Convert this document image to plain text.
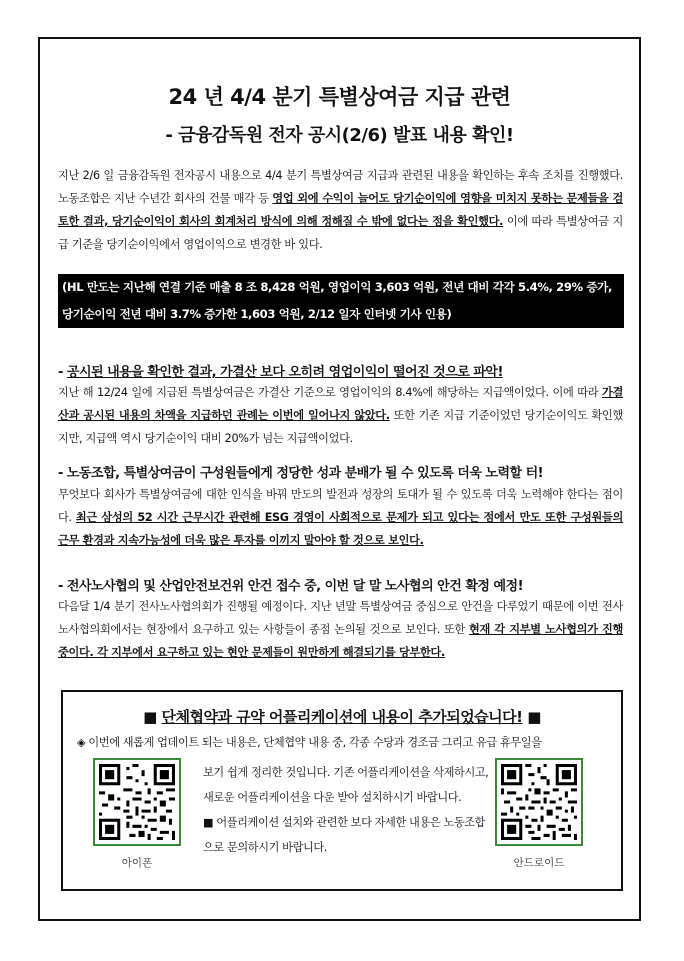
24 년 4/4 분기 특별상여금 지급 관련
- 금융감독원 전자 공시(2/6) 발표 내용 확인!
지난 2/6 일 금융감독원 전자공시 내용으로 4/4 분기 특별상여금 지급과 관련된 내용을 확인하는 후속 조치를 진행했다. 노동조합은 지난 수년간 회사의 건물 매각 등 영업 외에 수익이 늘어도 당기순이익에 영향을 미치지 못하는 문제들을 검토한 결과, 당기순이익이 회사의 회계처리 방식에 의해 정해질 수 밖에 없다는 점을 확인했다. 이에 따라 특별상여금 지급 기준을 당기순이익에서 영업이익으로 변경한 바 있다.
(HL 만도는 지난해 연결 기준 매출 8 조 8,428 억원, 영업이익 3,603 억원, 전년 대비 각각 5.4%, 29% 증가, 당기순이익 전년 대비 3.7% 증가한 1,603 억원, 2/12 일자 인터넷 기사 인용)
- 공시된 내용을 확인한 결과, 가결산 보다 오히려 영업이익이 떨어진 것으로 파악!
지난 해 12/24 일에 지급된 특별상여금은 가결산 기준으로 영업이익의 8.4%에 해당하는 지급액이었다. 이에 따라 가결산과 공시된 내용의 차액을 지급하던 관례는 이번에 일어나지 않았다. 또한 기존 지급 기준이었던 당기순이익도 확인했지만, 지급액 역시 당기순이익 대비 20%가 넘는 지급액이었다.
- 노동조합, 특별상여금이 구성원들에게 정당한 성과 분배가 될 수 있도록 더욱 노력할 터!
무엇보다 회사가 특별상여금에 대한 인식을 바꿔 만도의 발전과 성장의 토대가 될 수 있도록 더욱 노력해야 한다는 점이다. 최근 삼성의 52 시간 근무시간 관련해 ESG 경영이 사회적으로 문제가 되고 있다는 점에서 만도 또한 구성원들의 근무 환경과 지속가능성에 더욱 많은 투자를 이끼지 말아야 할 것으로 보인다.
- 전사노사협의 및 산업안전보건위 안건 접수 중, 이번 달 말 노사협의 안건 확정 예정!
다음달 1/4 분기 전사노사협의회가 진행될 예정이다. 지난 년말 특별상여금 중심으로 안건을 다루었기 때문에 이번 전사노사협의회에서는 현장에서 요구하고 있는 사항들이 종점 논의될 것으로 보인다. 또한 현재 각 지부별 노사협의가 진행 중이다. 각 지부에서 요구하고 있는 현안 문제들이 원만하게 해결되기를 당부한다.
■ 단체협약과 규약 어플리케이션에 내용이 추가되었습니다! ■
◈ 이번에 새롭게 업데이트 되는 내용은, 단체협약 내용 중, 각종 수당과 경조금 그리고 유급 휴무일을
아이폰
보기 쉽게 정리한 것입니다. 기존 어플리케이션을 삭제하시고, 새로운 어플리케이션을 다운 받아 설치하시기 바랍니다.
■ 어플리케이션 설치와 관련한 보다 자세한 내용은 노동조합으로 문의하시기 바랍니다.
안드로이드
